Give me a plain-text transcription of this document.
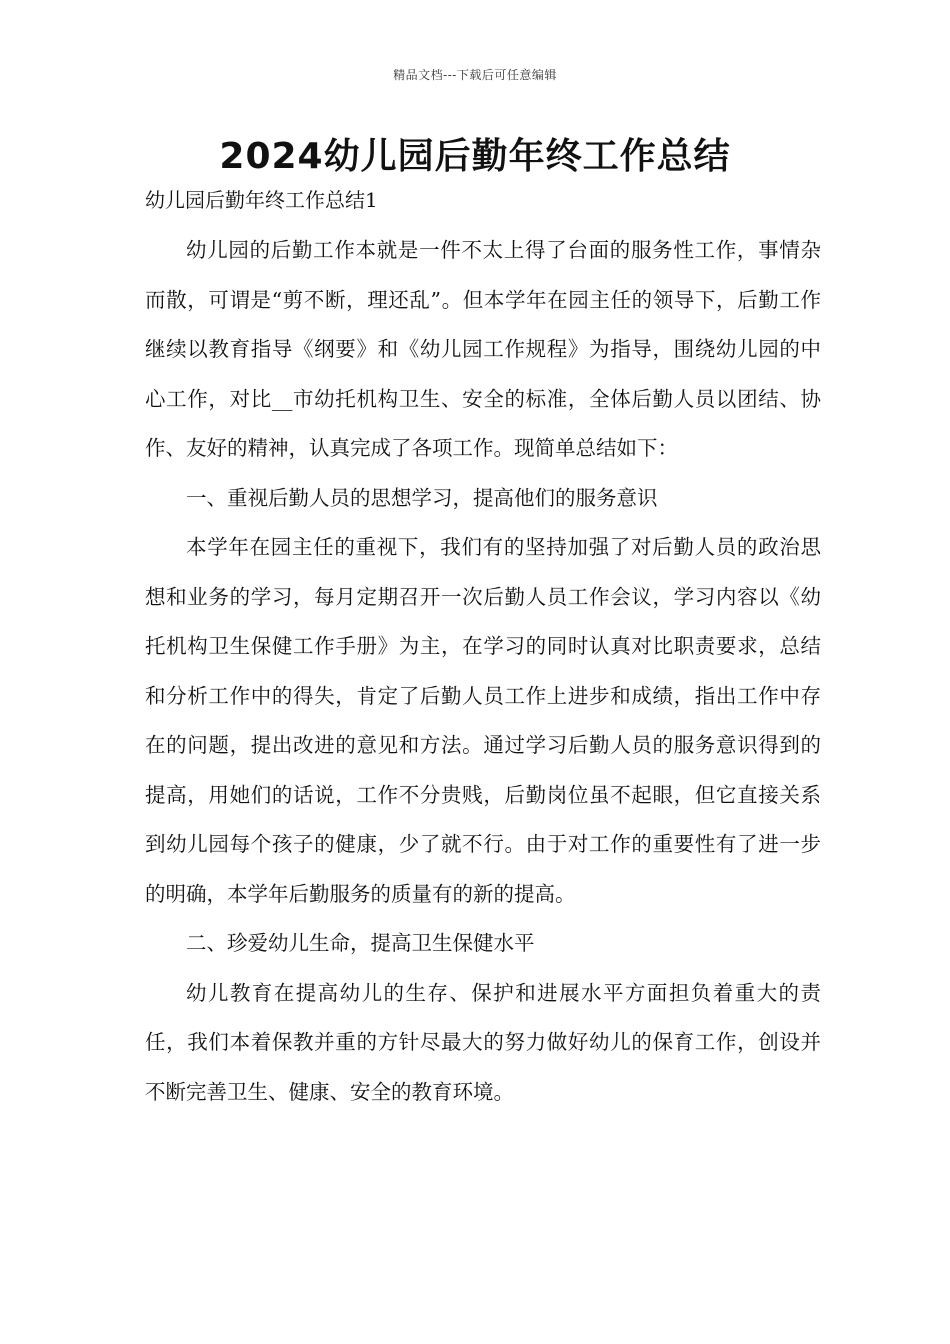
精品文档---下载后可任意编辑
2024幼儿园后勤年终工作总结
幼儿园后勤年终工作总结1

幼儿园的后勤工作本就是一件不太上得了台面的服务性工作，事情杂而散，可谓是“剪不断，理还乱”。但本学年在园主任的领导下，后勤工作继续以教育指导《纲要》和《幼儿园工作规程》为指导，围绕幼儿园的中心工作，对比__市幼托机构卫生、安全的标准，全体后勤人员以团结、协作、友好的精神，认真完成了各项工作。现简单总结如下：

一、重视后勤人员的思想学习，提高他们的服务意识

本学年在园主任的重视下，我们有的坚持加强了对后勤人员的政治思想和业务的学习，每月定期召开一次后勤人员工作会议，学习内容以《幼托机构卫生保健工作手册》为主，在学习的同时认真对比职责要求，总结和分析工作中的得失，肯定了后勤人员工作上进步和成绩，指出工作中存在的问题，提出改进的意见和方法。通过学习后勤人员的服务意识得到的提高，用她们的话说，工作不分贵贱，后勤岗位虽不起眼，但它直接关系到幼儿园每个孩子的健康，少了就不行。由于对工作的重要性有了进一步的明确，本学年后勤服务的质量有的新的提高。

二、珍爱幼儿生命，提高卫生保健水平

幼儿教育在提高幼儿的生存、保护和进展水平方面担负着重大的责任，我们本着保教并重的方针尽最大的努力做好幼儿的保育工作，创设并不断完善卫生、健康、安全的教育环境。
